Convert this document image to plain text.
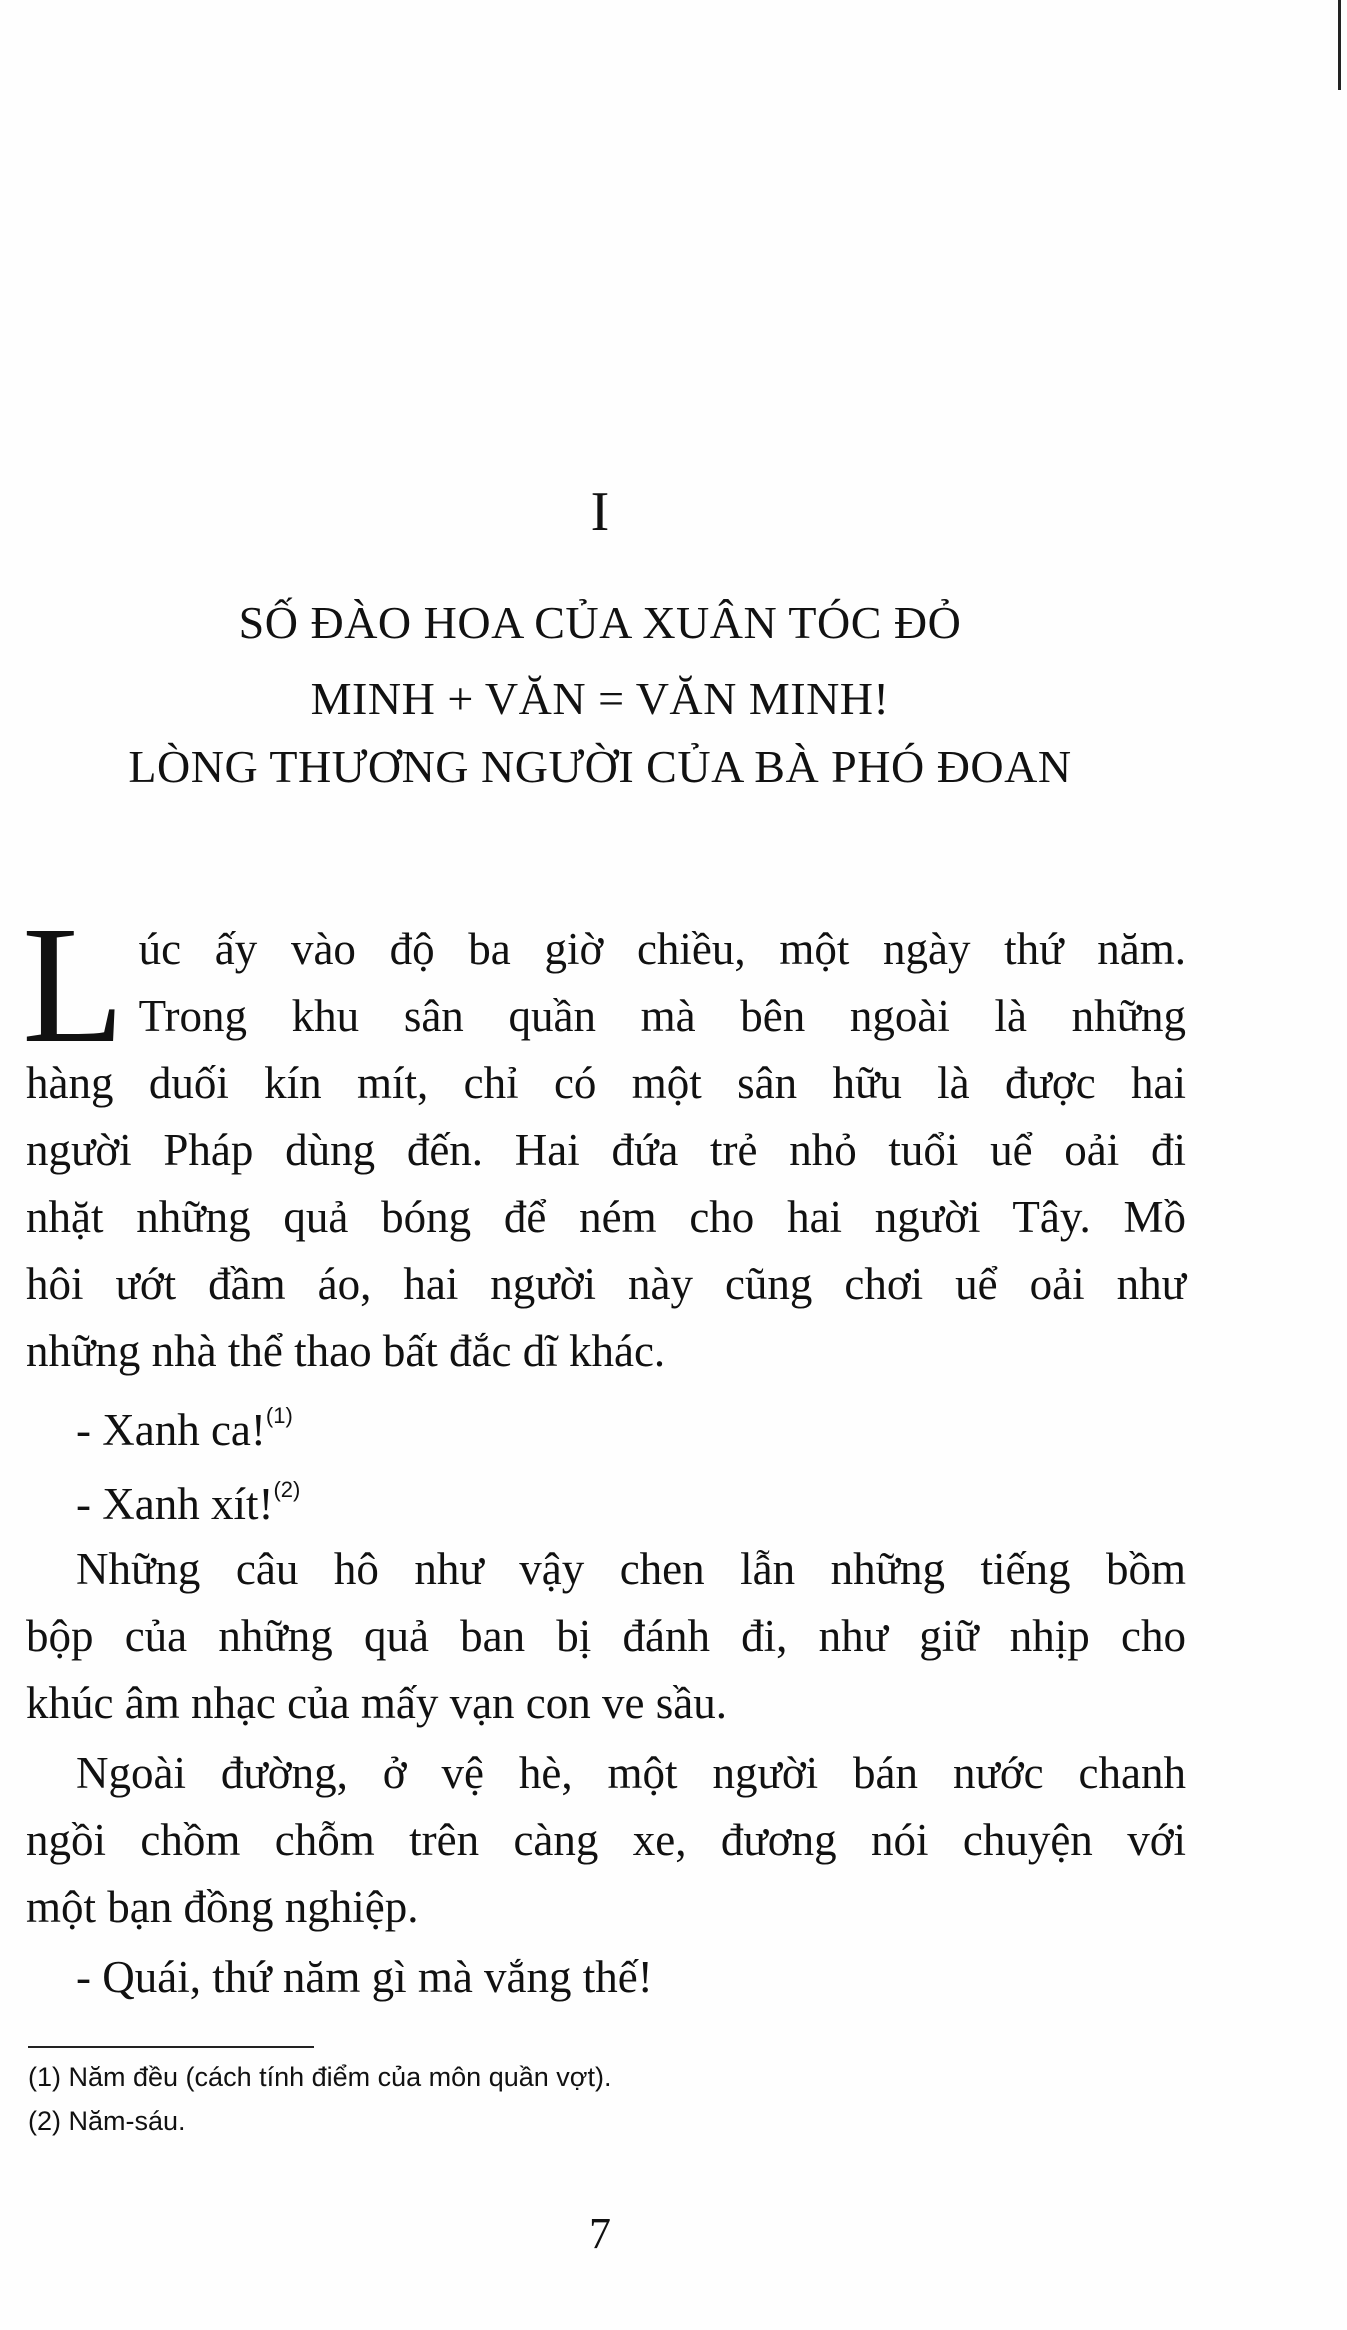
I
SỐ ĐÀO HOA CỦA XUÂN TÓC ĐỎ
MINH + VĂN = VĂN MINH!
LÒNG THƯƠNG NGƯỜI CỦA BÀ PHÓ ĐOAN
L úc ấy vào độ ba giờ chiều, một ngày thứ năm.
Trong khu sân quần mà bên ngoài là những
hàng duối kín mít, chỉ có một sân hữu là được hai
người Pháp dùng đến. Hai đứa trẻ nhỏ tuổi uể oải đi
nhặt những quả bóng để ném cho hai người Tây. Mồ
hôi ướt đầm áo, hai người này cũng chơi uể oải như
những nhà thể thao bất đắc dĩ khác.
- Xanh ca!$^{(1)}$
- Xanh xít!$^{(2)}$
Những câu hô như vậy chen lẫn những tiếng bồm
bộp của những quả ban bị đánh đi, như giữ nhịp cho
khúc âm nhạc của mấy vạn con ve sầu.
Ngoài đường, ở vệ hè, một người bán nước chanh
ngồi chồm chỗm trên càng xe, đương nói chuyện với
một bạn đồng nghiệp.
- Quái, thứ năm gì mà vắng thế!
(1) Năm đều (cách tính điểm của môn quần vợt).
(2) Năm-sáu.
7
